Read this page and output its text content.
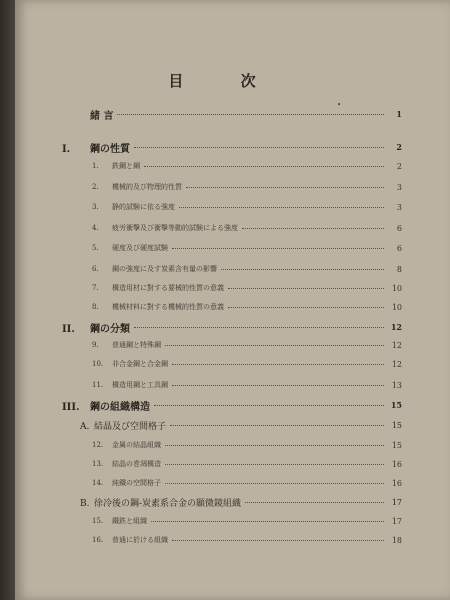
目 次
緒 言	1
I. 鋼の性質	2
1. 鉄鋼と鋼	2
2. 機械的及び物理的性質	3
3. 静的試験に依る強度	3
4. 疲労衝撃及び衝撃等動的試験による強度	6
5. 硬度及び硬度試験	6
6. 鋼の強度に及す炭素含有量の影響	8
7. 構造用材に對する要械的性質の意義	10
8. 機械材料に對する機械的性質の意義	10
II. 鋼の分類	12
9. 普通鋼と特殊鋼	12
10. 非合金鋼と合金鋼	12
11. 構造用鋼と工具鋼	13
III. 鋼の組織構造	15
A. 結晶及び空間格子	15
12. 金属の結晶組織	15
13. 結晶の巻凋構造	16
14. 純鐵の空間格子	16
B. 徐冷後の鋼-炭素系合金の顯微鏡組織	17
15. 鐵鉄と組織	17
16. 普通に於ける組織	18
•
